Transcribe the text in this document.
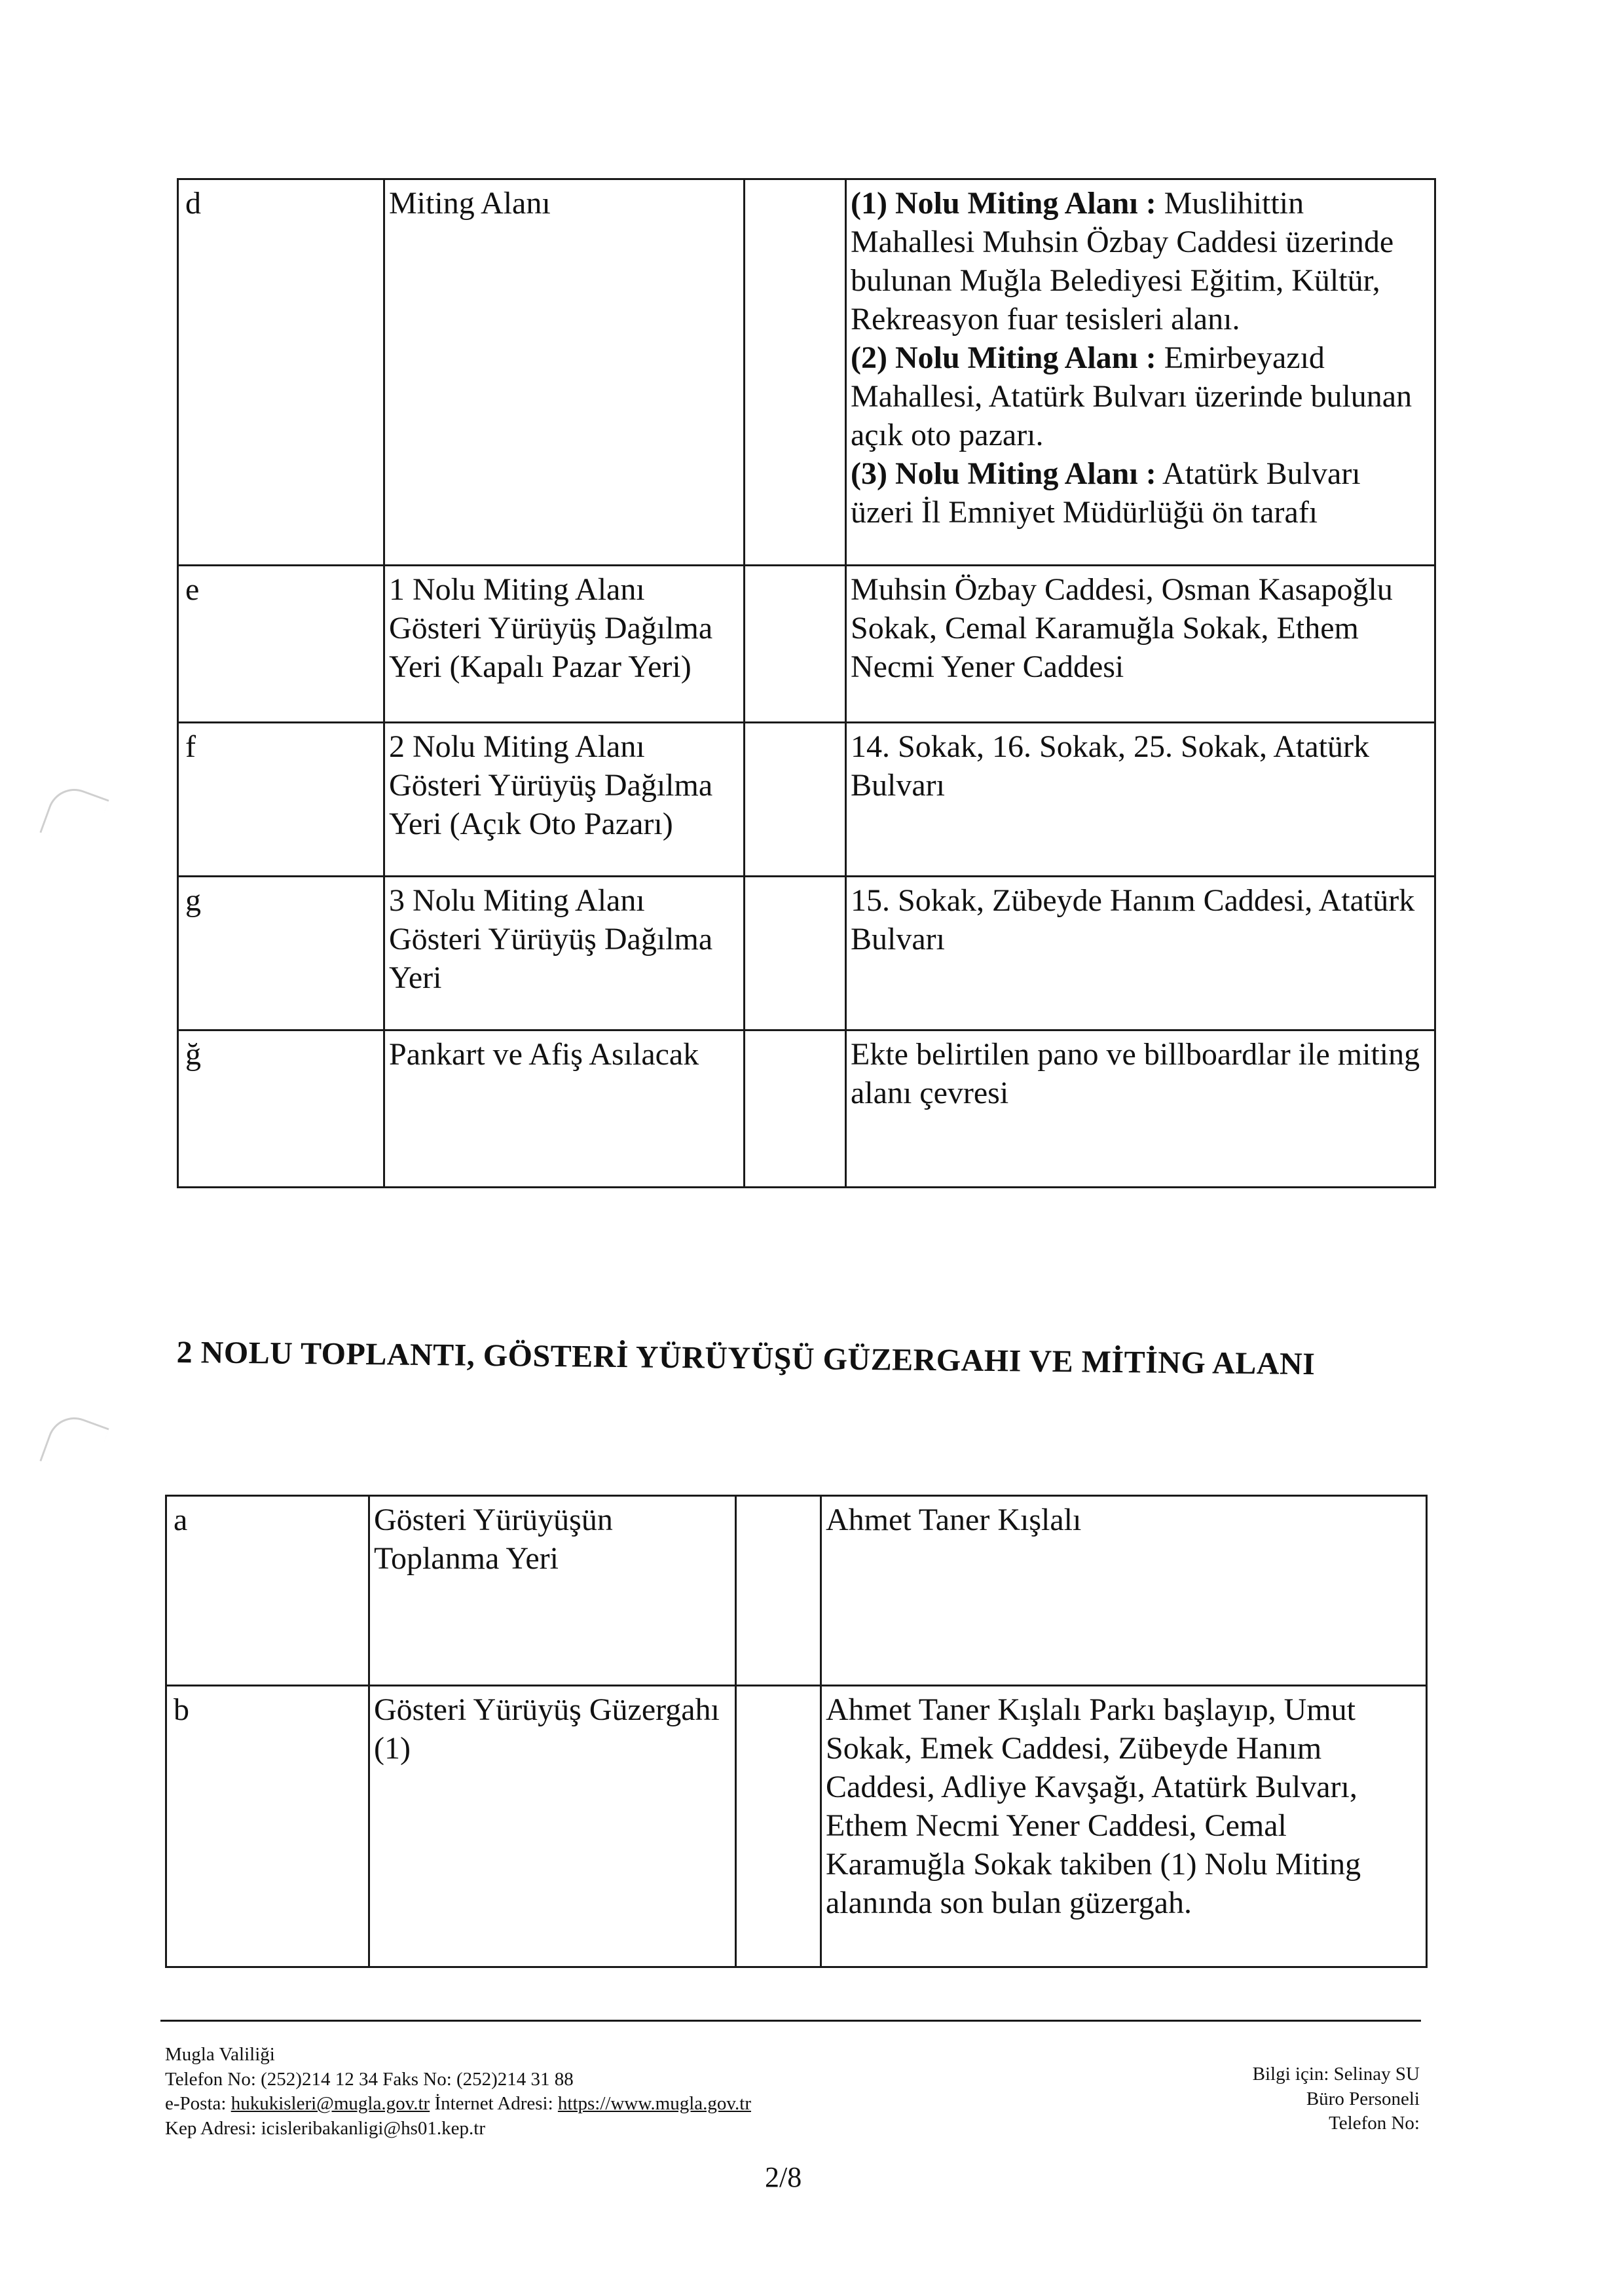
d	Miting Alanı		(1) Nolu Miting Alanı : Muslihittin Mahallesi Muhsin Özbay Caddesi üzerinde bulunan Muğla Belediyesi Eğitim, Kültür, Rekreasyon fuar tesisleri alanı.
(2) Nolu Miting Alanı : Emirbeyazıd Mahallesi, Atatürk Bulvarı üzerinde bulunan açık oto pazarı.
(3) Nolu Miting Alanı : Atatürk Bulvarı üzeri İl Emniyet Müdürlüğü ön tarafı

e	1 Nolu Miting Alanı Gösteri Yürüyüş Dağılma Yeri (Kapalı Pazar Yeri)		Muhsin Özbay Caddesi, Osman Kasapoğlu Sokak, Cemal Karamuğla Sokak, Ethem Necmi Yener Caddesi
f	2 Nolu Miting Alanı Gösteri Yürüyüş Dağılma Yeri (Açık Oto Pazarı)		14. Sokak, 16. Sokak, 25. Sokak, Atatürk Bulvarı
g	3 Nolu Miting Alanı Gösteri Yürüyüş Dağılma Yeri		15. Sokak, Zübeyde Hanım Caddesi, Atatürk Bulvarı
ğ	Pankart ve Afiş Asılacak		Ekte belirtilen pano ve billboardlar ile miting alanı çevresi
2 NOLU TOPLANTI, GÖSTERİ YÜRÜYÜŞÜ GÜZERGAHI VE MİTİNG ALANI
a	Gösteri Yürüyüşün Toplanma Yeri		Ahmet Taner Kışlalı
b	Gösteri Yürüyüş Güzergahı (1)		Ahmet Taner Kışlalı Parkı başlayıp, Umut Sokak, Emek Caddesi, Zübeyde Hanım Caddesi, Adliye Kavşağı, Atatürk Bulvarı, Ethem Necmi Yener Caddesi, Cemal Karamuğla Sokak takiben (1) Nolu Miting alanında son bulan güzergah.
Mugla Valiliği
Telefon No: (252)214 12 34 Faks No: (252)214 31 88
e-Posta: hukukisleri@mugla.gov.tr İnternet Adresi: https://www.mugla.gov.tr
Kep Adresi: icisleribakanligi@hs01.kep.tr
Bilgi için: Selinay SU
Büro Personeli
Telefon No:
2/8
